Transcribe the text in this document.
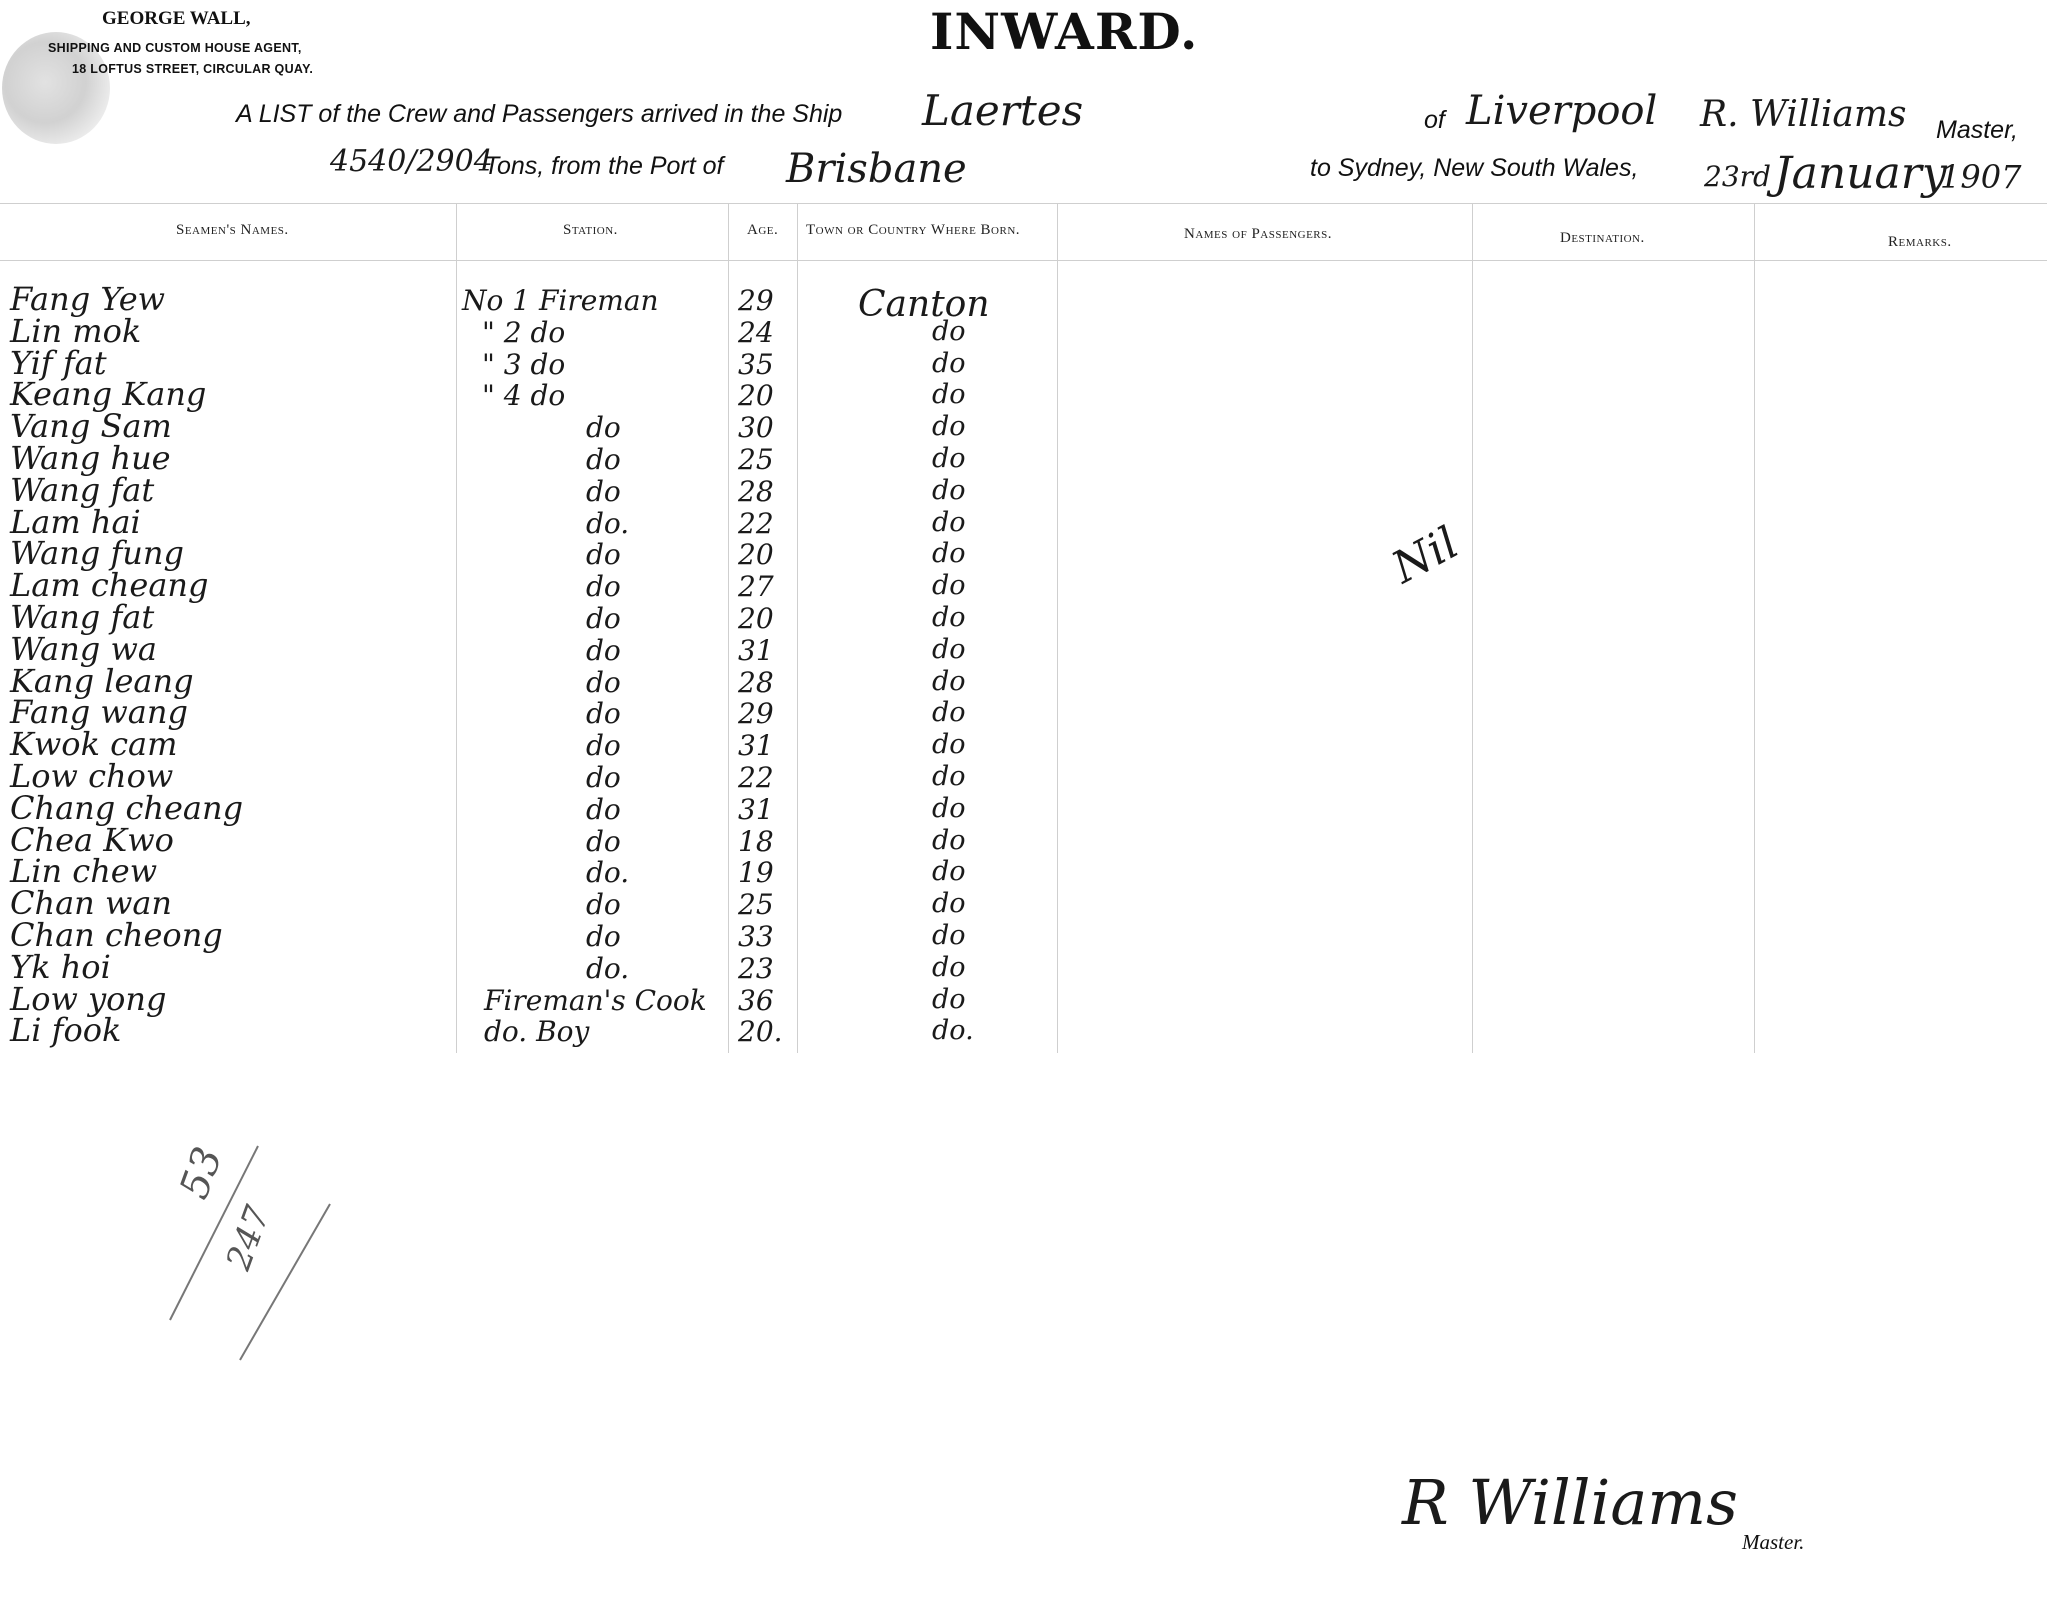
GEORGE WALL,
SHIPPING AND CUSTOM HOUSE AGENT,
18 LOFTUS STREET, CIRCULAR QUAY.
INWARD.
A LIST of the Crew and Passengers arrived in the Ship Laertes	of Liverpool R. Williams Master,
4540/2904
Tons, from the Port of Brisbane	to Sydney, New South Wales, 23rd January
1907
Seamen's Names.	Station.	Age. Town or Country Where Born.	Names of Passengers.	Destination.	Remarks.
Fang Yew	No 1 Fireman	29 Canton
Lin mok	" 2 do	24	do
Yif fat	" 3 do	35	do
Keang Kang	" 4 do	20	do
Vang Sam	do	30	do
Wang hue	do	25	do
Wang fat	do	28	do
Lam hai	do.	22	do
Wang fung	do	20	do
Lam cheang	do	27	do
Wang fat	do	20	do
Wang wa	do	31	do
Kang leang	do	28	do
Fang wang	do	29	do
Kwok cam	do	31	do
Low chow	do	22	do
Chang cheang	do	31	do
Chea Kwo	do	18	do
Lin chew	do.	19	do
Chan wan	do	25	do
Chan cheong	do	33	do
Yk hoi	do.	23	do
Low yong	Fireman's Cook 36	do
Li fook	do. Boy	20.	do.
Nil
53
247
R Williams
Master.
